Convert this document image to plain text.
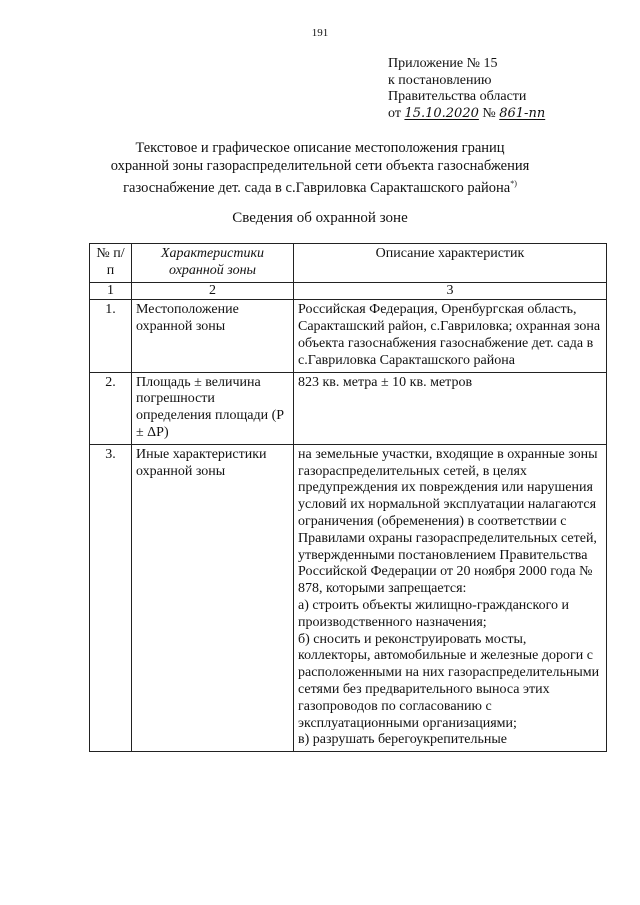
191
Приложение № 15
к постановлению
Правительства области
от 15.10.2020 № 861-пп
Текстовое и графическое описание местоположения границ
охранной зоны газораспределительной сети объекта газоснабжения
газоснабжение дет. сада в с.Гавриловка Саракташского района*)
Сведения об охранной зоне
№ п/п	Характеристики охранной зоны	Описание характеристик
1	2	3
1.	Местоположение охранной зоны	Российская Федерация, Оренбургская область, Саракташский район, с.Гавриловка; охранная зона объекта газоснабжения газоснабжение дет. сада в с.Гавриловка Саракташского района
2.	Площадь ± величина погрешности определения площади (P ± ΔP)	823 кв. метра ± 10 кв. метров
3.	Иные характеристики охранной зоны	на земельные участки, входящие в охранные зоны газораспределительных сетей, в целях предупреждения их повреждения или нарушения условий их нормальной эксплуатации налагаются ограничения (обременения) в соответствии с Правилами охраны газораспределительных сетей, утвержденными постановлением Правительства Российской Федерации от 20 ноября 2000 года № 878, которыми запрещается:
а) строить объекты жилищно-гражданского и производственного назначения;
б) сносить и реконструировать мосты, коллекторы, автомобильные и железные дороги с расположенными на них газораспределительными сетями без предварительного выноса этих газопроводов по согласованию с эксплуатационными организациями;
в) разрушать берегоукрепительные
